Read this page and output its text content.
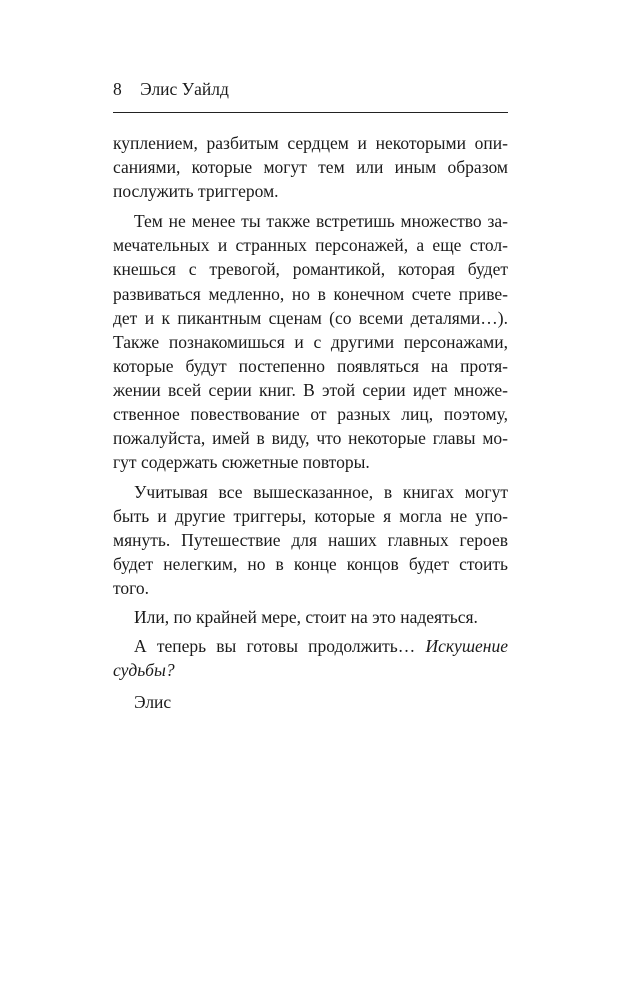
8 Элис Уайлд
куплением, разбитым сердцем и некоторыми опи-
саниями, которые могут тем или иным образом
послужить триггером.
Тем не менее ты также встретишь множество за-
мечательных и странных персонажей, а еще стол-
кнешься с тревогой, романтикой, которая будет
развиваться медленно, но в конечном счете приве-
дет и к пикантным сценам (со всеми деталями…).
Также познакомишься и с другими персонажами,
которые будут постепенно появляться на протя-
жении всей серии книг. В этой серии идет множе-
ственное повествование от разных лиц, поэтому,
пожалуйста, имей в виду, что некоторые главы мо-
гут содержать сюжетные повторы.
Учитывая все вышесказанное, в книгах могут
быть и другие триггеры, которые я могла не упо-
мянуть. Путешествие для наших главных героев
будет нелегким, но в конце концов будет стоить
того.
Или, по крайней мере, стоит на это надеяться.
А теперь вы готовы продолжить… Искушение
судьбы?
Элис
